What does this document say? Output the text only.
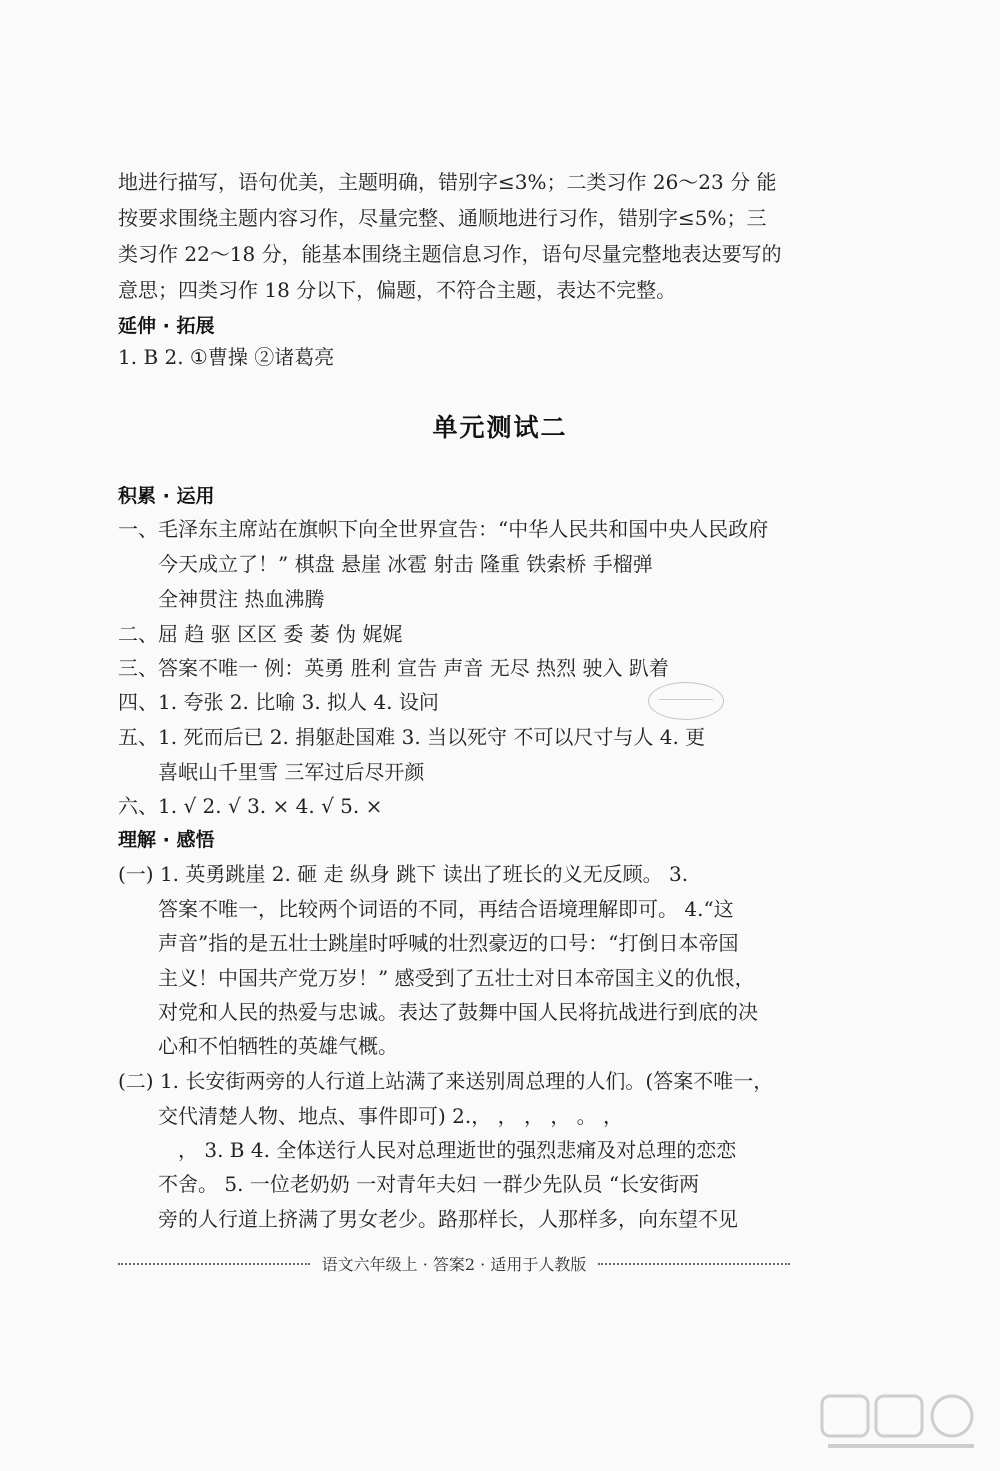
地进行描写，语句优美，主题明确，错别字≤3%；二类习作 26～23 分 能
按要求围绕主题内容习作，尽量完整、通顺地进行习作，错别字≤5%；三
类习作 22～18 分，能基本围绕主题信息习作，语句尽量完整地表达要写的
意思；四类习作 18 分以下，偏题，不符合主题，表达不完整。
延伸 · 拓展
1. B 2. ①曹操 ②诸葛亮
单元测试二
积累 · 运用
一、毛泽东主席站在旗帜下向全世界宣告：“中华人民共和国中央人民政府
今天成立了！” 棋盘 悬崖 冰雹 射击 隆重 铁索桥 手榴弹
全神贯注 热血沸腾
二、屈 趋 驱 区区 委 萎 伪 娓娓
三、答案不唯一 例：英勇 胜利 宣告 声音 无尽 热烈 驶入 趴着
四、1. 夸张 2. 比喻 3. 拟人 4. 设问
五、1. 死而后已 2. 捐躯赴国难 3. 当以死守 不可以尺寸与人 4. 更
喜岷山千里雪 三军过后尽开颜
六、1. √ 2. √ 3. × 4. √ 5. ×
理解 · 感悟
(一) 1. 英勇跳崖 2. 砸 走 纵身 跳下 读出了班长的义无反顾。 3.
答案不唯一，比较两个词语的不同，再结合语境理解即可。 4.“这
声音”指的是五壮士跳崖时呼喊的壮烈豪迈的口号：“打倒日本帝国
主义！中国共产党万岁！” 感受到了五壮士对日本帝国主义的仇恨，
对党和人民的热爱与忠诚。表达了鼓舞中国人民将抗战进行到底的决
心和不怕牺牲的英雄气概。
(二) 1. 长安街两旁的人行道上站满了来送别周总理的人们。(答案不唯一，
交代清楚人物、地点、事件即可) 2.， ， ， ， 。 ，
， 3. B 4. 全体送行人民对总理逝世的强烈悲痛及对总理的恋恋
不舍。 5. 一位老奶奶 一对青年夫妇 一群少先队员 “长安街两
旁的人行道上挤满了男女老少。路那样长，人那样多，向东望不见
语文六年级上 · 答案2 · 适用于人教版
